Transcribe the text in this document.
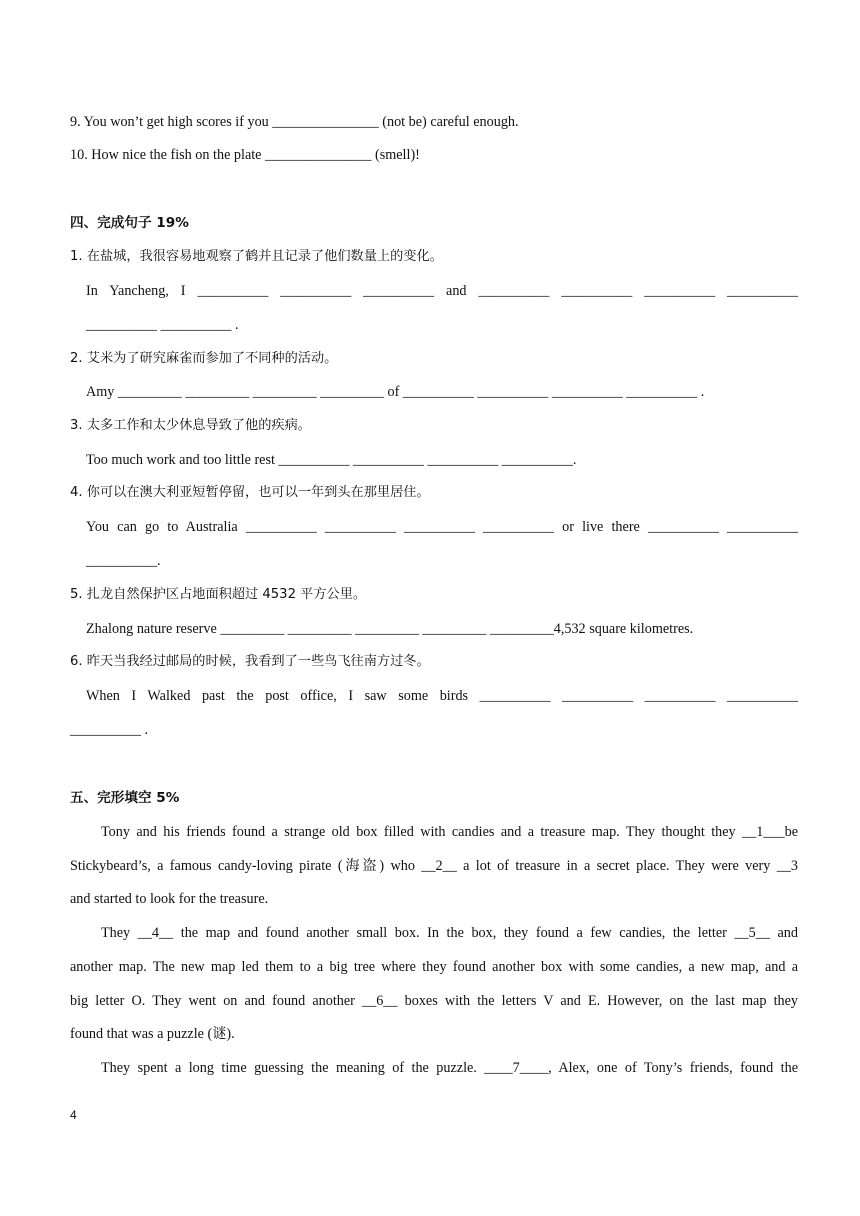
9. You won’t get high scores if you _______________ (not be) careful enough.
10. How nice the fish on the plate _______________ (smell)!
四、完成句子 19%
1. 在盐城，我很容易地观察了鹤并且记录了他们数量上的变化。
In Yancheng, I __________ __________ __________ and __________ __________ __________ __________
__________ __________ .
2. 艾米为了研究麻雀而参加了不同种的活动。
Amy _________ _________ _________ _________ of __________ __________ __________ __________ .
3. 太多工作和太少休息导致了他的疾病。
Too much work and too little rest __________ __________ __________ __________.
4. 你可以在澳大利亚短暂停留，也可以一年到头在那里居住。
You can go to Australia __________ __________ __________ __________ or live there __________ __________
__________.
5. 扎龙自然保护区占地面积超过 4532 平方公里。
Zhalong nature reserve _________ _________ _________ _________ _________4,532 square kilometres.
6. 昨天当我经过邮局的时候，我看到了一些鸟飞往南方过冬。
When I Walked past the post office, I saw some birds __________ __________ __________ __________
__________ .
五、完形填空 5%
Tony and his friends found a strange old box filled with candies and a treasure map. They thought they __1___be
Stickybeard’s, a famous candy-loving pirate (海盗) who __2__ a lot of treasure in a secret place. They were very __3
and started to look for the treasure.
They __4__ the map and found another small box. In the box, they found a few candies, the letter __5__ and
another map. The new map led them to a big tree where they found another box with some candies, a new map, and a
big letter O. They went on and found another __6__ boxes with the letters V and E. However, on the last map they
found that was a puzzle (谜).
They spent a long time guessing the meaning of the puzzle. ____7____, Alex, one of Tony’s friends, found the
4
